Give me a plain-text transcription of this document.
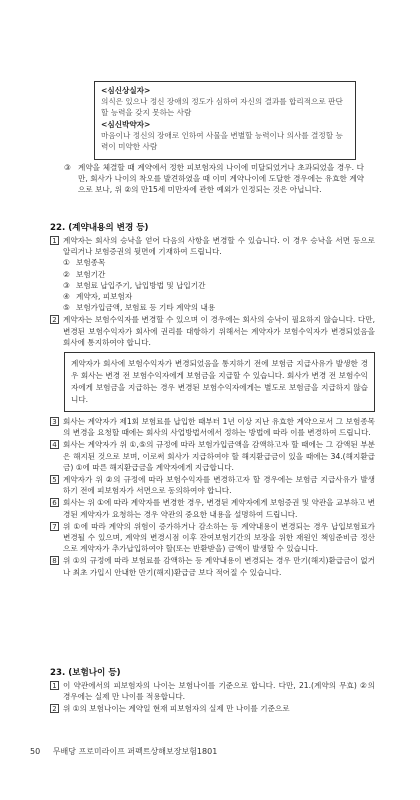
<심신상실자>
의식은 있으나 정신 장애의 정도가 심하여 자신의 결과를 합리적으로 판단할 능력을 갖지 못하는 사람
<심신박약자>
마음이나 정신의 장애로 인하여 사물을 변별할 능력이나 의사를 결정할 능력이 미약한 사람
③ 계약을 체결할 때 계약에서 정한 피보험자의 나이에 미달되었거나 초과되었을 경우. 다만, 회사가 나이의 착오를 발견하였을 때 이미 계약나이에 도달한 경우에는 유효한 계약으로 보나, 위 ②의 만15세 미만자에 관한 예외가 인정되는 것은 아닙니다.
22. (계약내용의 변경 등)
1 계약자는 회사의 승낙을 얻어 다음의 사항을 변경할 수 있습니다. 이 경우 승낙을 서면 등으로 알리거나 보험증권의 뒷면에 기재하여 드립니다.
① 보험종목
② 보험기간
③ 보험료 납입주기, 납입방법 및 납입기간
④ 계약자, 피보험자
⑤ 보험가입금액, 보험료 등 기타 계약의 내용
2 계약자는 보험수익자를 변경할 수 있으며 이 경우에는 회사의 승낙이 필요하지 않습니다. 다만, 변경된 보험수익자가 회사에 권리를 대항하기 위해서는 계약자가 보험수익자가 변경되었음을 회사에 통지하여야 합니다.
계약자가 회사에 보험수익자가 변경되었음을 통지하기 전에 보험금 지급사유가 발생한 경우 회사는 변경 전 보험수익자에게 보험금을 지급할 수 있습니다. 회사가 변경 전 보험수익자에게 보험금을 지급하는 경우 변경된 보험수익자에게는 별도로 보험금을 지급하지 않습니다.
3 회사는 계약자가 제1회 보험료를 납입한 때부터 1년 이상 지난 유효한 계약으로서 그 보험종목의 변경을 요청할 때에는 회사의 사업방법서에서 정하는 방법에 따라 이를 변경하여 드립니다.
4 회사는 계약자가 위 ①,⑤의 규정에 따라 보험가입금액을 감액하고자 할 때에는 그 감액된 부분은 해지된 것으로 보며, 이로써 회사가 지급하여야 할 해지환급금이 있을 때에는 34.(해지환급금) ①에 따른 해지환급금을 계약자에게 지급합니다.
5 계약자가 위 ②의 규정에 따라 보험수익자를 변경하고자 할 경우에는 보험금 지급사유가 발생하기 전에 피보험자가 서면으로 동의하여야 합니다.
6 회사는 위 ①에 따라 계약자를 변경한 경우, 변경된 계약자에게 보험증권 및 약관을 교부하고 변경된 계약자가 요청하는 경우 약관의 중요한 내용을 설명하여 드립니다.
7 위 ①에 따라 계약의 위험이 증가하거나 감소하는 등 계약내용이 변경되는 경우 납입보험료가 변경될 수 있으며, 계약의 변경시점 이후 잔여보험기간의 보장을 위한 재원인 책임준비금 정산으로 계약자가 추가납입하여야 할(또는 반환받을) 금액이 발생할 수 있습니다.
8 위 ①의 규정에 따라 보험료를 감액하는 등 계약내용이 변경되는 경우 만기(해지)환급금이 없거나 최초 가입시 안내한 만기(해지)환급금 보다 적어질 수 있습니다.
23. (보험나이 등)
1 이 약관에서의 피보험자의 나이는 보험나이를 기준으로 합니다. 다만, 21.(계약의 무효) ②의 경우에는 실제 만 나이를 적용합니다.
2 위 ①의 보험나이는 계약일 현재 피보험자의 실제 만 나이를 기준으로
50 무배당 프로미라이프 퍼펙트상해보장보험1801
